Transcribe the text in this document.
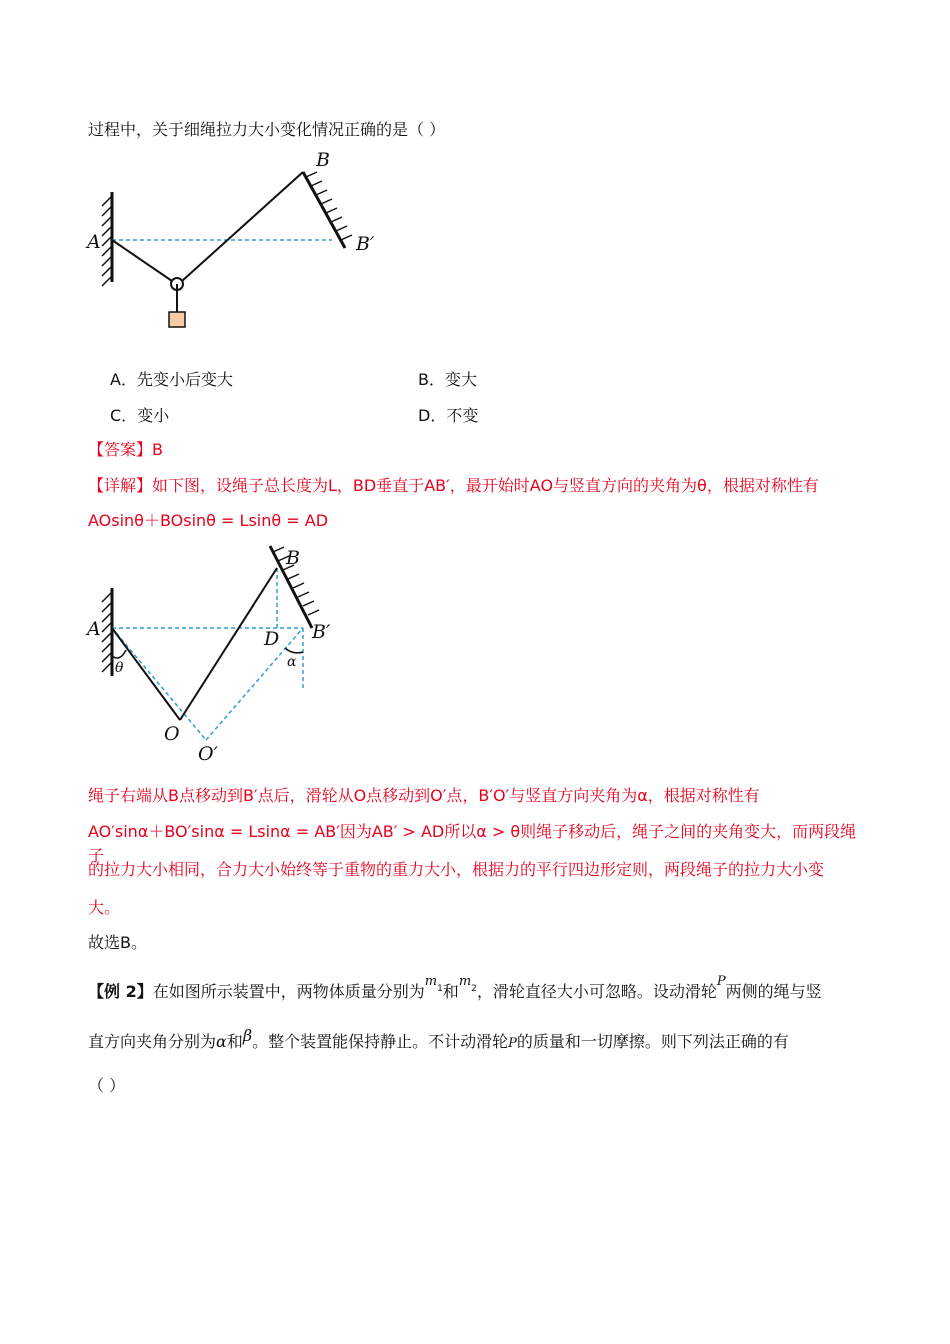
过程中，关于细绳拉力大小变化情况正确的是（ ）
A
B
B′
A．先变小后变大	B．变大
C．变小	D．不变
【答案】B
【详解】如下图，设绳子总长度为L，BD垂直于AB′，最开始时AO与竖直方向的夹角为θ，根据对称性有
AOsinθ＋BOsinθ = Lsinθ = AD
A
B
B′
D
O
O′
θ	α
绳子右端从B点移动到B′点后，滑轮从O点移动到O′点，B′O′与竖直方向夹角为α，根据对称性有
AO′sinα＋BO′sinα = Lsinα = AB′因为AB′ > AD所以α > θ则绳子移动后，绳子之间的夹角变大，而两段绳子
的拉力大小相同，合力大小始终等于重物的重力大小，根据力的平行四边形定则，两段绳子的拉力大小变
大。
故选B。
【例 2】在如图所示装置中，两物体质量分别为$^m_1$和$^m_2$，滑轮直径大小可忽略。设动滑轮$^P$两侧的绳与竖
直方向夹角分别为α和β。整个装置能保持静止。不计动滑轮P的质量和一切摩擦。则下列法正确的有
（ ）
